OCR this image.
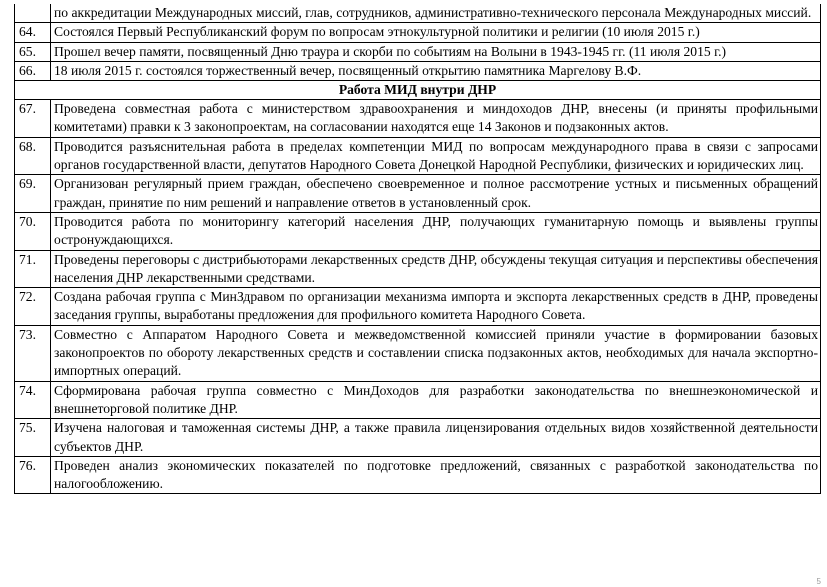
	по аккредитации Международных миссий, глав, сотрудников, административно-технического персонала Международных миссий.
64.	Состоялся Первый Республиканский форум по вопросам этнокультурной политики и религии (10 июля 2015 г.)
65.	Прошел вечер памяти, посвященный Дню траура и скорби по событиям на Волыни в 1943-1945 гг. (11 июля 2015 г.)
66.	18 июля 2015 г. состоялся торжественный вечер, посвященный открытию памятника Маргелову В.Ф.
Работа МИД внутри ДНР	
67.	Проведена совместная работа с министерством здравоохранения и миндоходов ДНР, внесены (и приняты профильными комитетами) правки к 3 законопроектам, на согласовании находятся еще 14 Законов и подзаконных актов.
68.	Проводится разъяснительная работа в пределах компетенции МИД по вопросам международного права в связи с запросами органов государственной власти, депутатов Народного Совета Донецкой Народной Республики, физических и юридических лиц.
69.	Организован регулярный прием граждан, обеспечено своевременное и полное рассмотрение устных и письменных обращений граждан, принятие по ним решений и направление ответов в установленный срок.
70.	Проводится работа по мониторингу категорий населения ДНР, получающих гуманитарную помощь и выявлены группы остронуждающихся.
71.	Проведены переговоры с дистрибьюторами лекарственных средств ДНР, обсуждены текущая ситуация и перспективы обеспечения населения ДНР лекарственными средствами.
72.	Создана рабочая группа с МинЗдравом по организации механизма импорта и экспорта лекарственных средств в ДНР, проведены заседания группы, выработаны предложения для профильного комитета Народного Совета.
73.	Совместно с Аппаратом Народного Совета и межведомственной комиссией приняли участие в формировании базовых законопроектов по обороту лекарственных средств и составлении списка подзаконных актов, необходимых для начала экспортно-импортных операций.
74.	Сформирована рабочая группа совместно с МинДоходов для разработки законодательства по внешнеэкономической и внешнеторговой политике ДНР.
75.	Изучена налоговая и таможенная системы ДНР, а также правила лицензирования отдельных видов хозяйственной деятельности субъектов ДНР.
76.	Проведен анализ экономических показателей по подготовке предложений, связанных с разработкой законодательства по налогообложению.
5
